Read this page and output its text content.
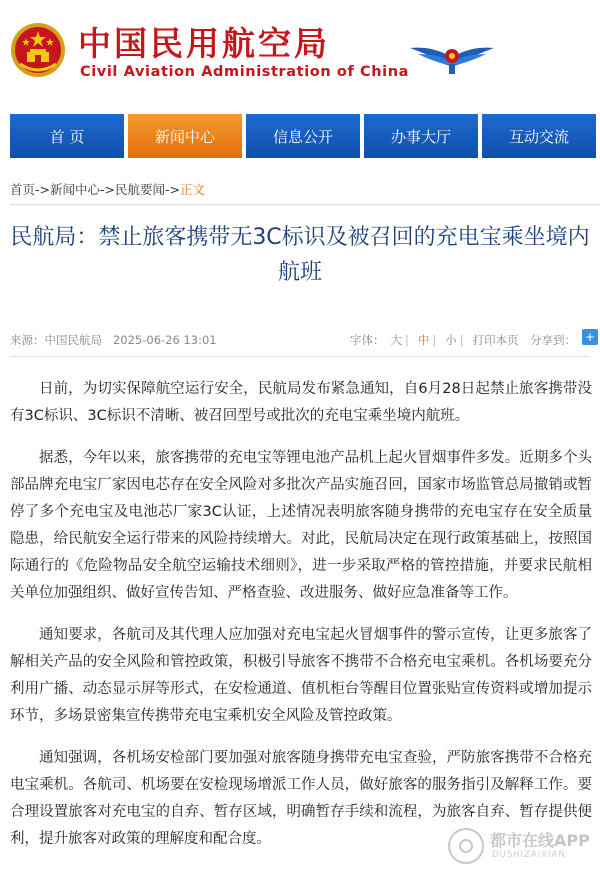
中国民用航空局
Civil Aviation Administration of China
首 页	新闻中心	信息公开	办事大厅	互动交流
首页->新闻中心->民航要闻->正文
民航局：禁止旅客携带无3C标识及被召回的充电宝乘坐境内航班
来源：中国民航局 2025-06-26 13:01	字体： 大 | 中 | 小 | 打印本页 分享到： +

日前，为切实保障航空运行安全，民航局发布紧急通知，自6月28日起禁止旅客携带没有3C标识、3C标识不清晰、被召回型号或批次的充电宝乘坐境内航班。

据悉，今年以来，旅客携带的充电宝等锂电池产品机上起火冒烟事件多发。近期多个头部品牌充电宝厂家因电芯存在安全风险对多批次产品实施召回，国家市场监管总局撤销或暂停了多个充电宝及电池芯厂家3C认证，上述情况表明旅客随身携带的充电宝存在安全质量隐患，给民航安全运行带来的风险持续增大。对此，民航局决定在现行政策基础上，按照国际通行的《危险物品安全航空运输技术细则》，进一步采取严格的管控措施，并要求民航相关单位加强组织、做好宣传告知、严格查验、改进服务、做好应急准备等工作。

通知要求，各航司及其代理人应加强对充电宝起火冒烟事件的警示宣传，让更多旅客了解相关产品的安全风险和管控政策，积极引导旅客不携带不合格充电宝乘机。各机场要充分利用广播、动态显示屏等形式，在安检通道、值机柜台等醒目位置张贴宣传资料或增加提示环节，多场景密集宣传携带充电宝乘机安全风险及管控政策。

通知强调，各机场安检部门要加强对旅客随身携带充电宝查验，严防旅客携带不合格充电宝乘机。各航司、机场要在安检现场增派工作人员，做好旅客的服务指引及解释工作。要合理设置旅客对充电宝的自弃、暂存区域，明确暂存手续和流程，为旅客自弃、暂存提供便利，提升旅客对政策的理解度和配合度。	都市在线APP
DUSHIZAIXIAN
